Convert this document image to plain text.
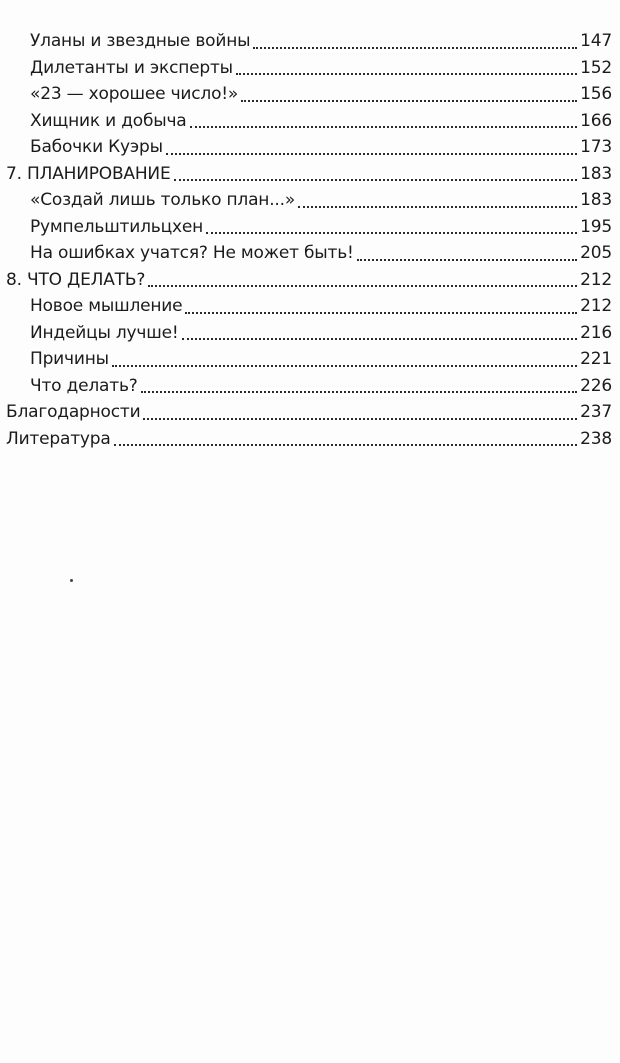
Уланы и звездные войны	147
Дилетанты и эксперты	152
«23 — хорошее число!»	156
Хищник и добыча	166
Бабочки Куэры	173
7. ПЛАНИРОВАНИЕ	183
«Создай лишь только план...»	183
Румпельштильцхен	195
На ошибках учатся? Не может быть!	205
8. ЧТО ДЕЛАТЬ?	212
Новое мышление	212
Индейцы лучше!	216
Причины	221
Что делать?	226
Благодарности	237
Литература	238
